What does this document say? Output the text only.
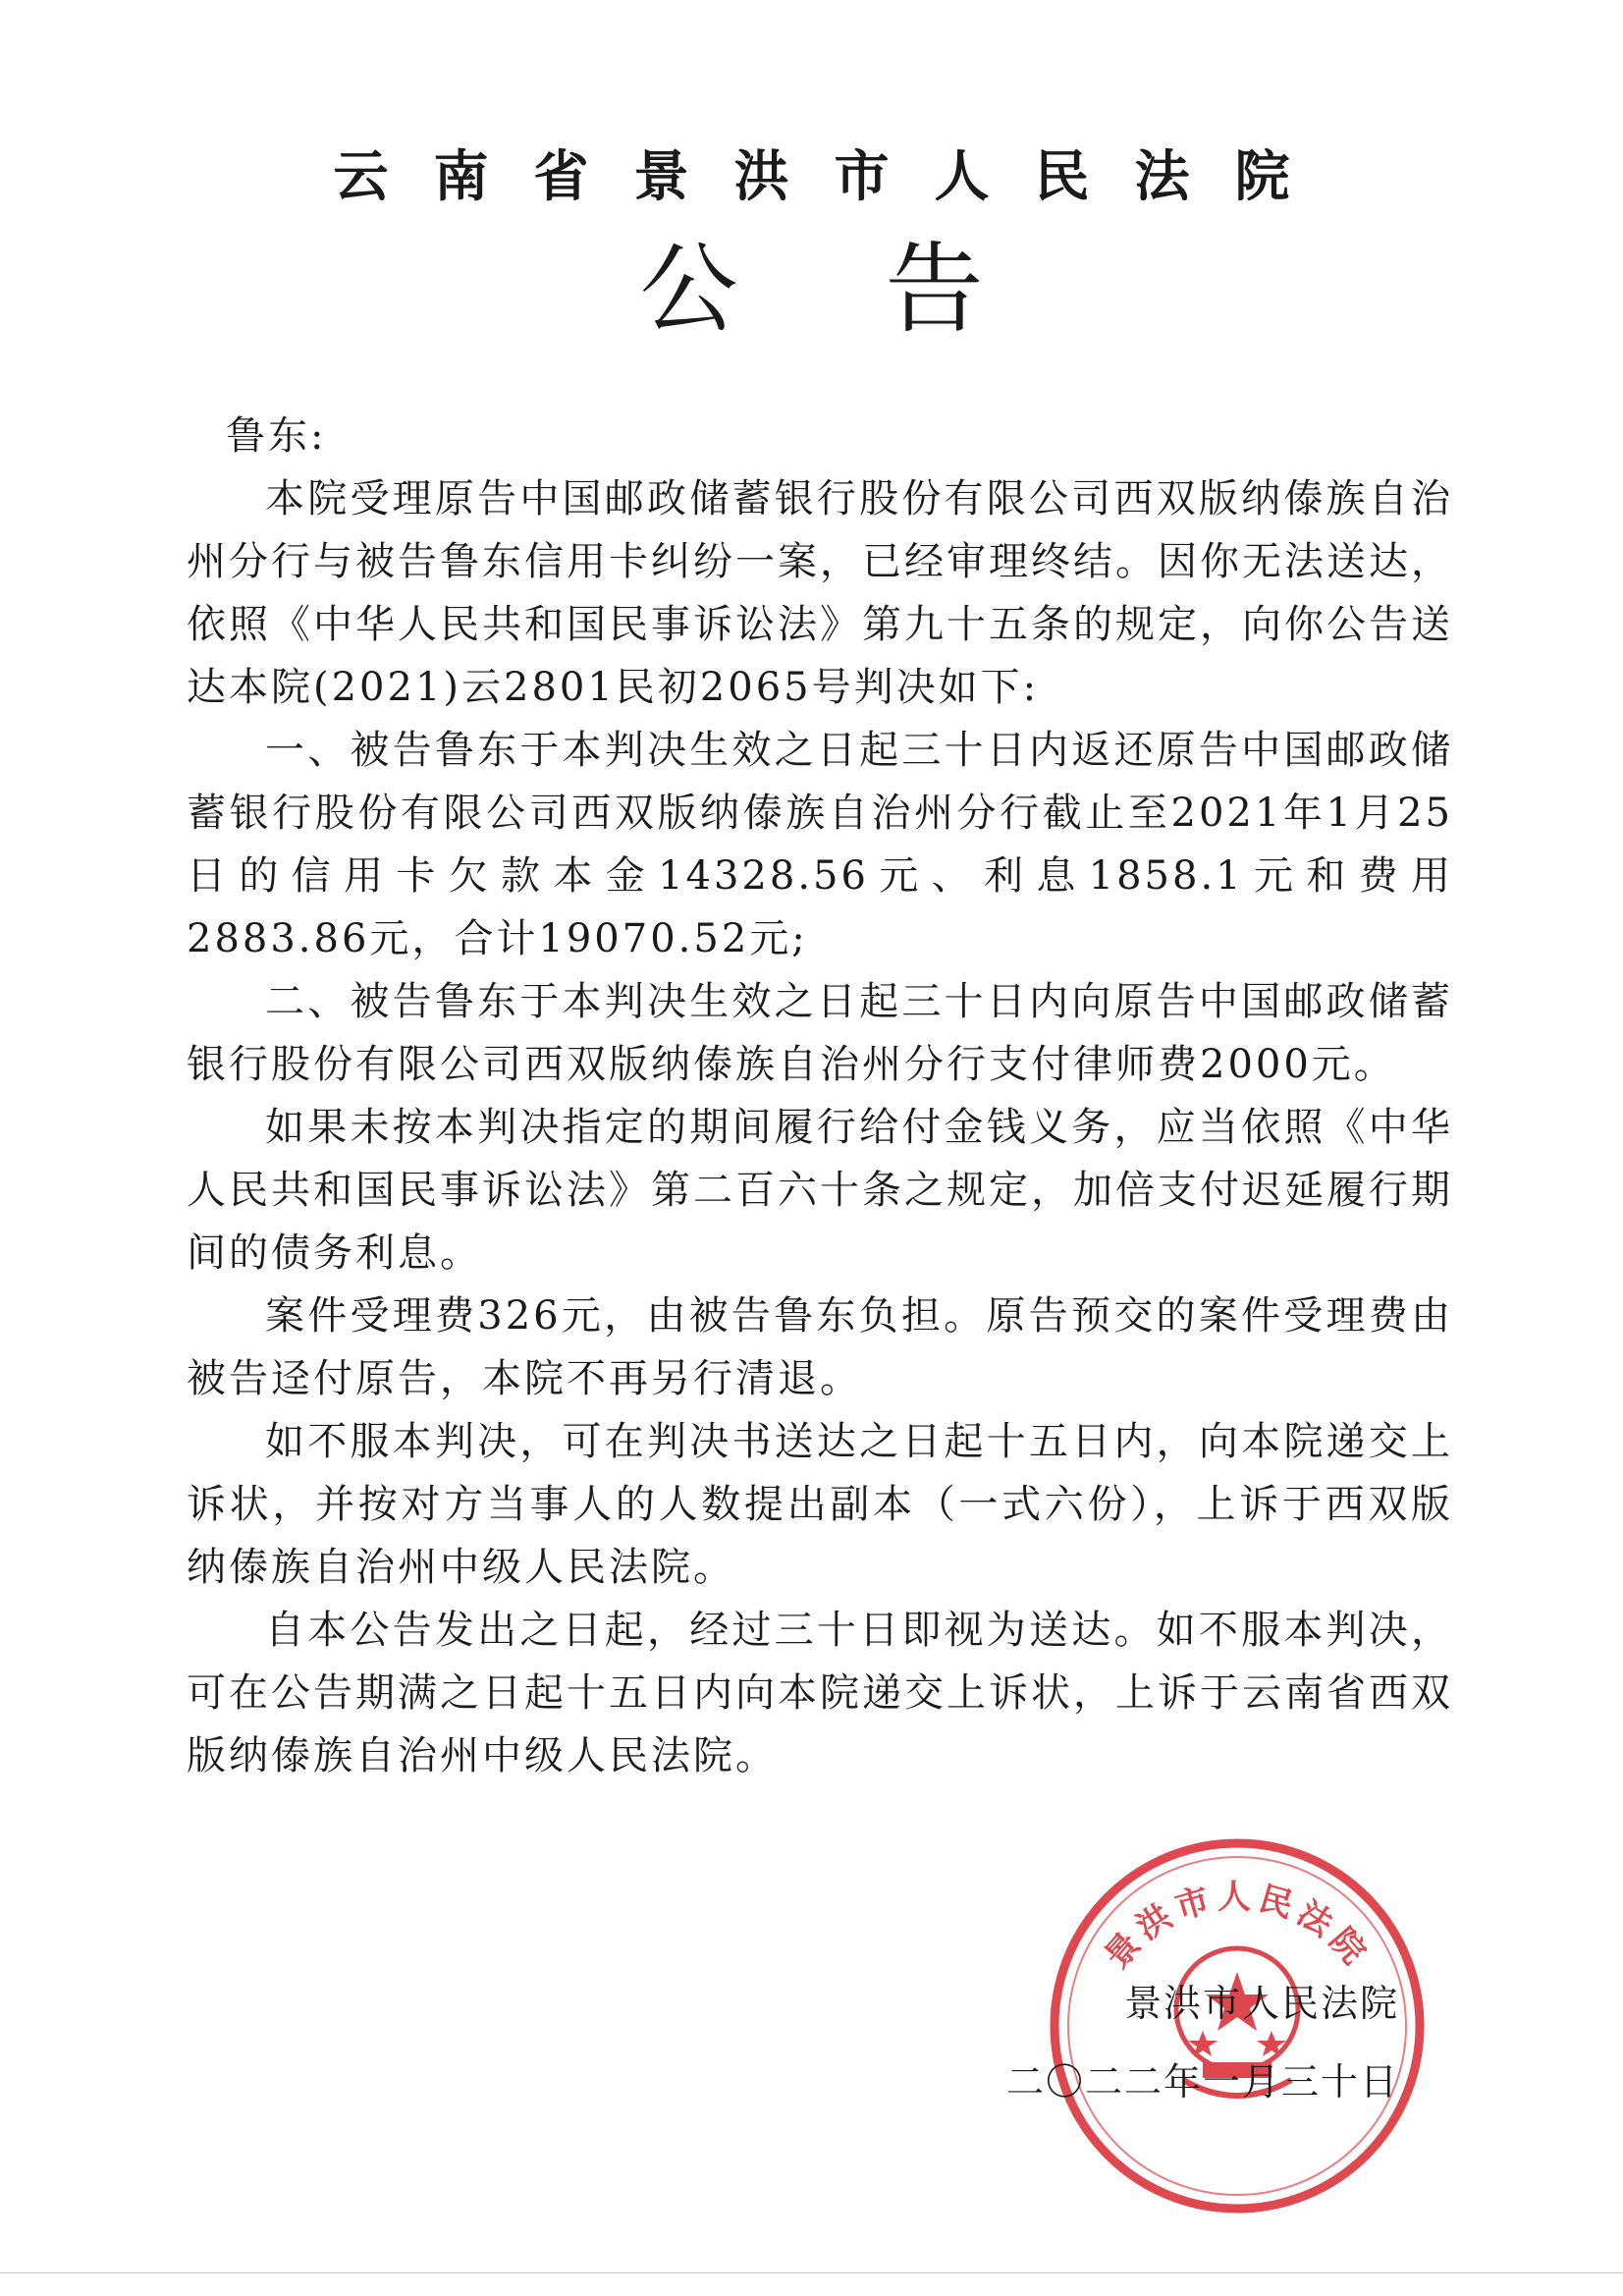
云南省景洪市人民法院
公告

鲁东:

本院受理原告中国邮政储蓄银行股份有限公司西双版纳傣族自治州分行与被告鲁东信用卡纠纷一案，已经审理终结。因你无法送达，依照《中华人民共和国民事诉讼法》第九十五条的规定，向你公告送达本院(2021)云2801民初2065号判决如下:

一、被告鲁东于本判决生效之日起三十日内返还原告中国邮政储蓄银行股份有限公司西双版纳傣族自治州分行截止至2021年1月25日的信用卡欠款本金14328.56元、利息1858.1元和费用2883.86元，合计19070.52元;

二、被告鲁东于本判决生效之日起三十日内向原告中国邮政储蓄银行股份有限公司西双版纳傣族自治州分行支付律师费2000元。

如果未按本判决指定的期间履行给付金钱义务，应当依照《中华人民共和国民事诉讼法》第二百六十条之规定，加倍支付迟延履行期间的债务利息。

案件受理费326元，由被告鲁东负担。原告预交的案件受理费由被告迳付原告，本院不再另行清退。

如不服本判决，可在判决书送达之日起十五日内，向本院递交上诉状，并按对方当事人的人数提出副本（一式六份），上诉于西双版纳傣族自治州中级人民法院。

自本公告发出之日起，经过三十日即视为送达。如不服本判决，可在公告期满之日起十五日内向本院递交上诉状，上诉于云南省西双版纳傣族自治州中级人民法院。

景洪市人民法院
景洪市人民法院
二〇二二年一月三十日
